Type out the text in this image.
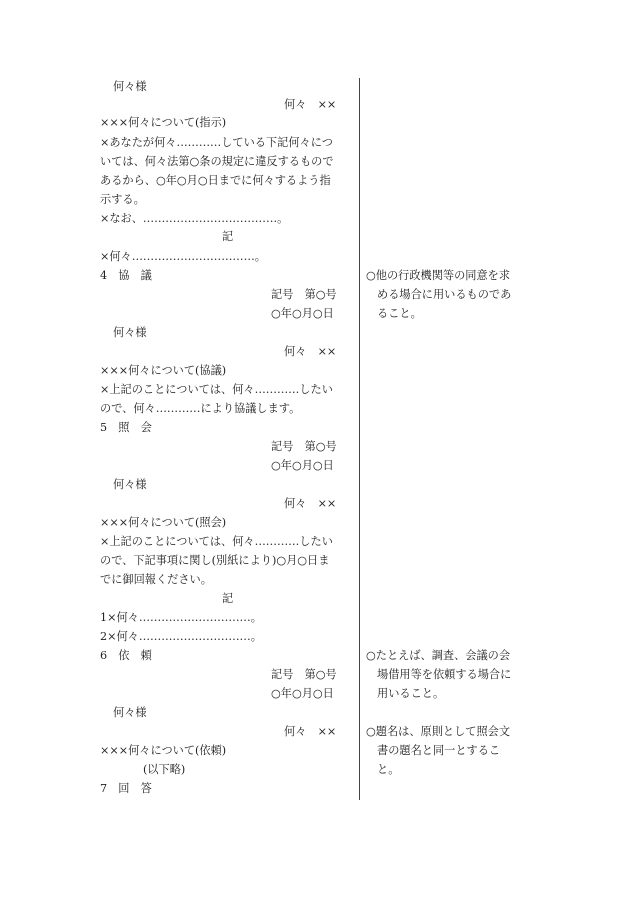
何々様
何々　××
×××何々について(指示)
×あなたが何々…………している下記何々につ
いては、何々法第○条の規定に違反するもので
あるから、○年○月○日までに何々するよう指
示する。
×なお、………………………………。
記
×何々……………………………。
4　協　議
記号　第○号
○年○月○日
何々様
何々　××
×××何々について(協議)
×上記のことについては、何々…………したい
ので、何々…………により協議します。
5　照　会
記号　第○号
○年○月○日
何々様
何々　××
×××何々について(照会)
×上記のことについては、何々…………したい
ので、下記事項に関し(別紙により)○月○日ま
でに御回報ください。
記
1×何々…………………………。
2×何々…………………………。
6　依　頼
記号　第○号
○年○月○日
何々様
何々　××
×××何々について(依頼)
(以下略)
7　回　答
○他の行政機関等の同意を求
める場合に用いるものであ
ること。
○たとえば、調査、会議の会
場借用等を依頼する場合に
用いること。
○題名は、原則として照会文
書の題名と同一とするこ
と。
